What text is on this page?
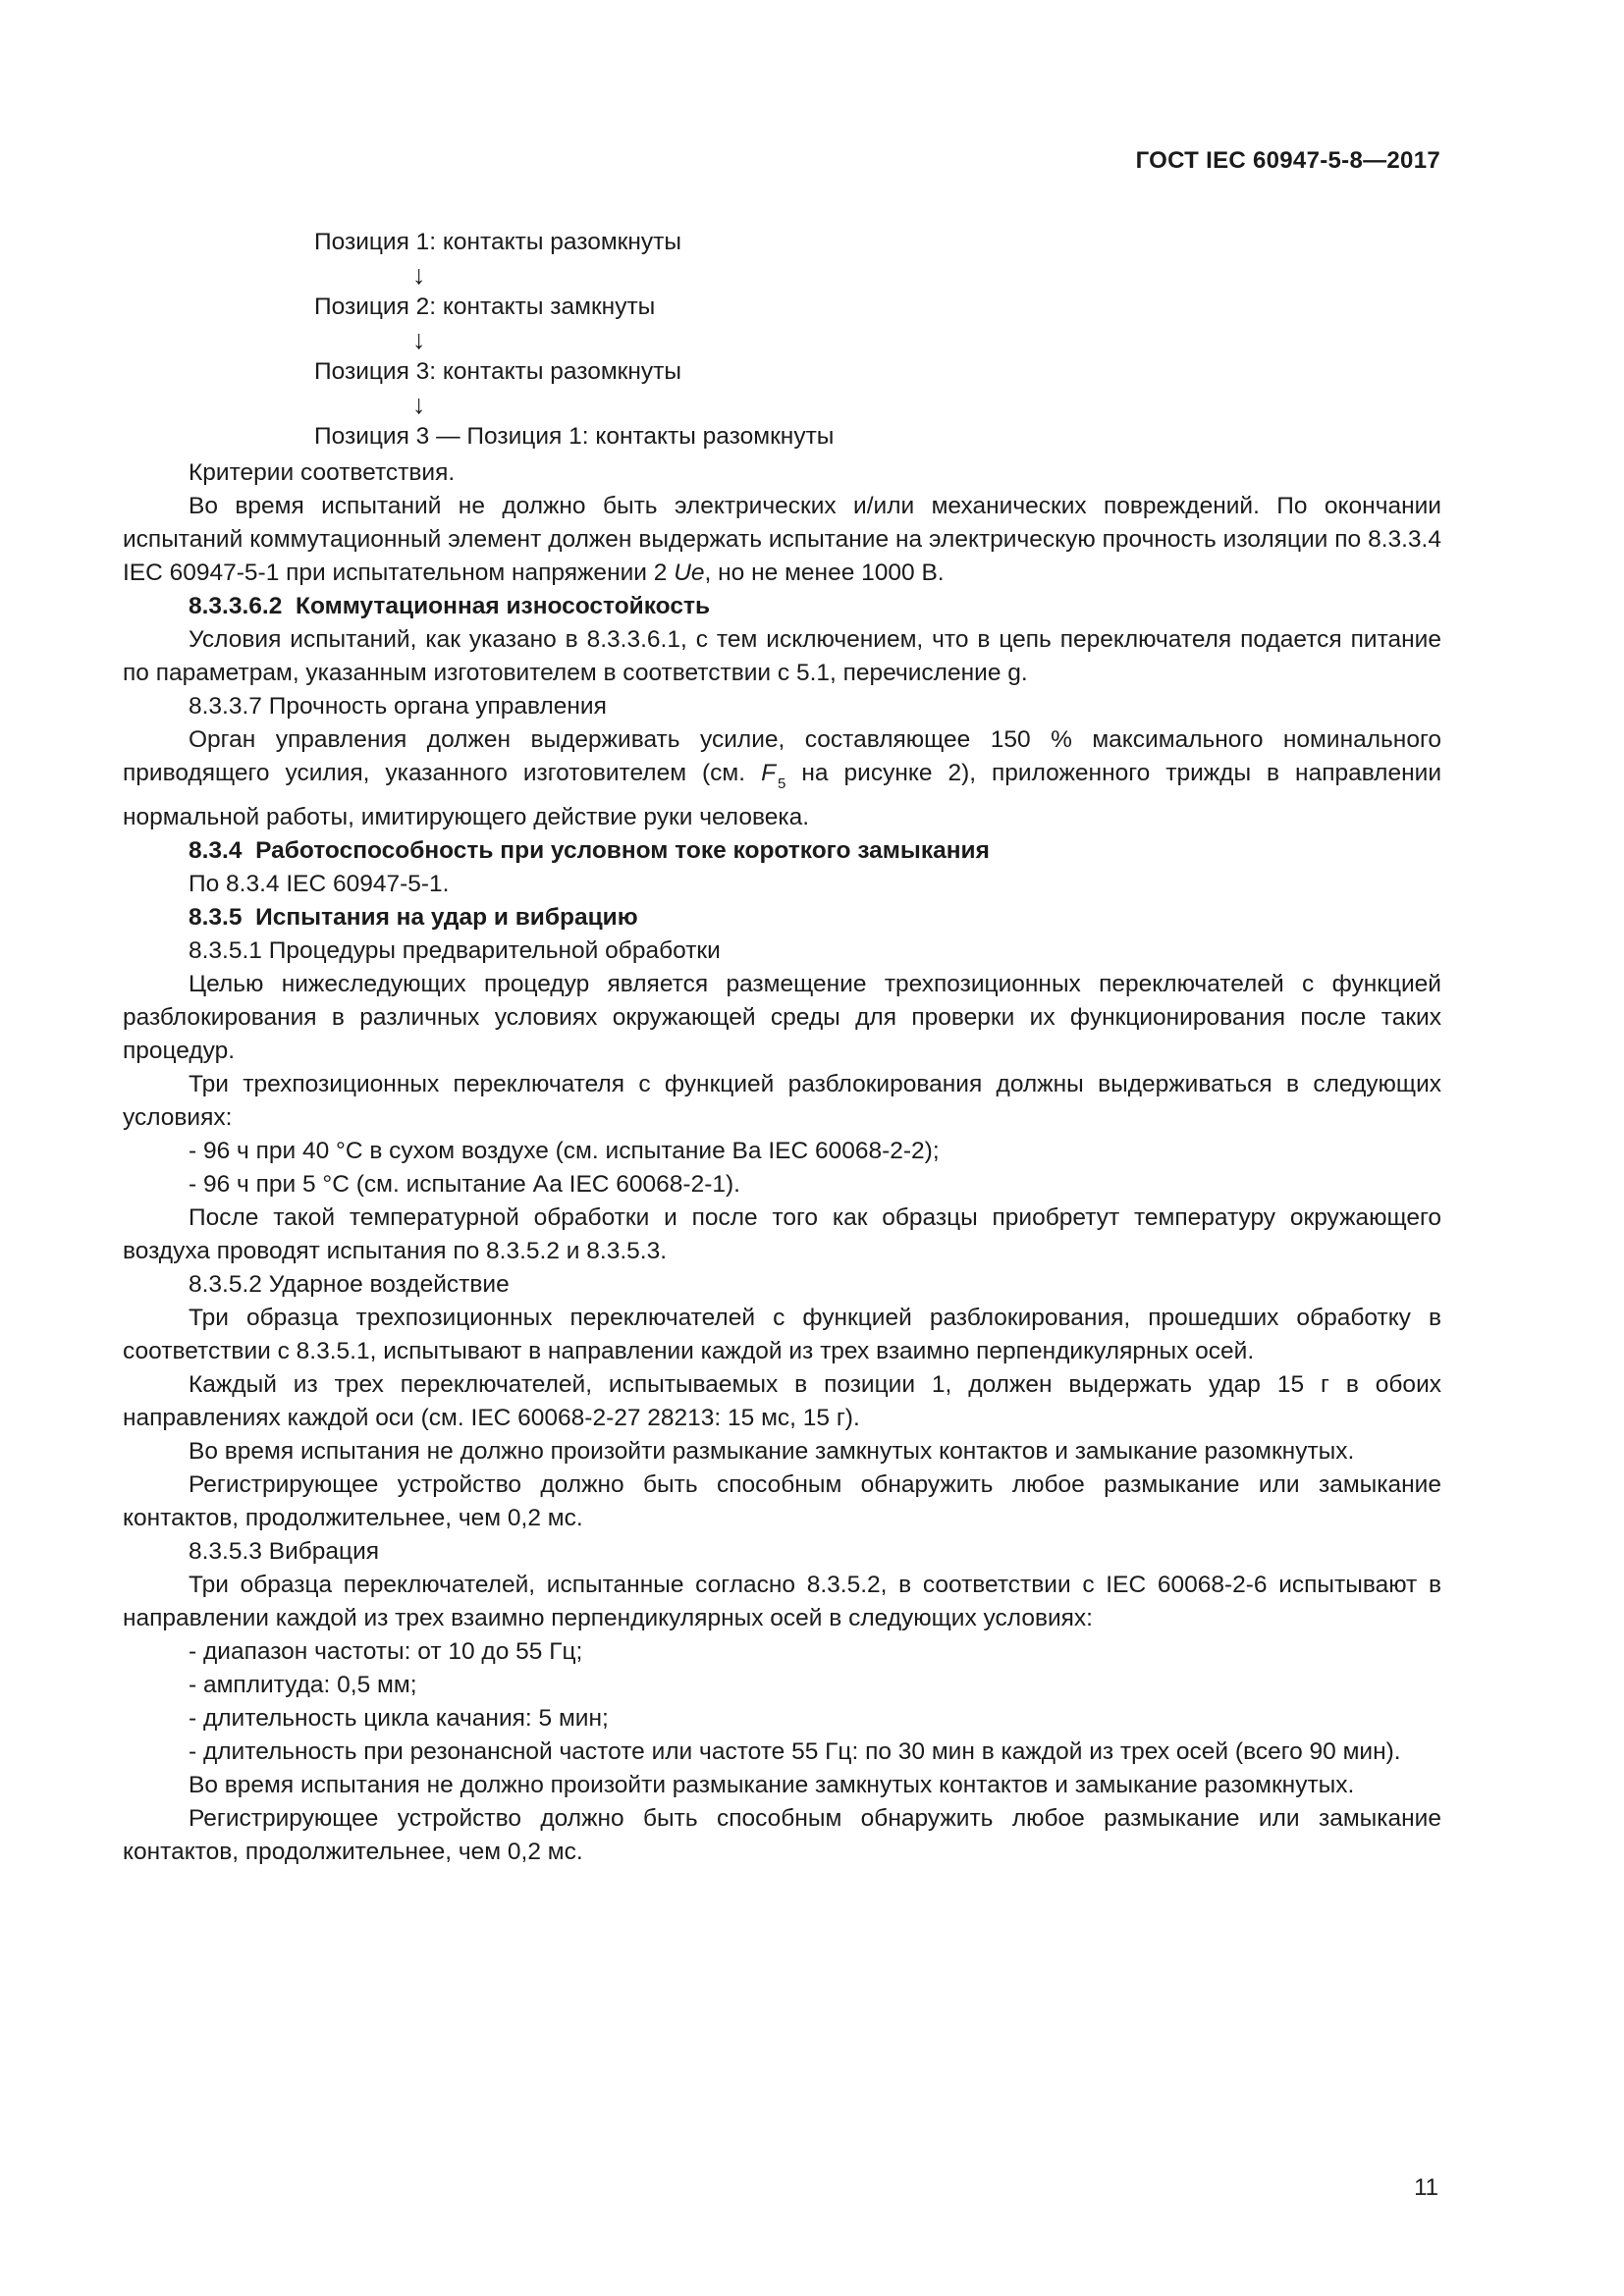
ГОСТ IEC 60947-5-8—2017
Позиция 1: контакты разомкнуты
↓
Позиция 2: контакты замкнуты
↓
Позиция 3: контакты разомкнуты
↓
Позиция 3 — Позиция 1: контакты разомкнуты

Критерии соответствия.

Во время испытаний не должно быть электрических и/или механических повреждений. По окончании испытаний коммутационный элемент должен выдержать испытание на электрическую прочность изоляции по 8.3.3.4 IEC 60947-5-1 при испытательном напряжении 2 Ue, но не менее 1000 В.

8.3.3.6.2 Коммутационная износостойкость

Условия испытаний, как указано в 8.3.3.6.1, с тем исключением, что в цепь переключателя подается питание по параметрам, указанным изготовителем в соответствии с 5.1, перечисление g.

8.3.3.7 Прочность органа управления

Орган управления должен выдерживать усилие, составляющее 150 % максимального номинального приводящего усилия, указанного изготовителем (см. F $_5$ на рисунке 2), приложенного трижды в направлении нормальной работы, имитирующего действие руки человека.

8.3.4 Работоспособность при условном токе короткого замыкания

По 8.3.4 IEC 60947-5-1.

8.3.5 Испытания на удар и вибрацию

8.3.5.1 Процедуры предварительной обработки

Целью нижеследующих процедур является размещение трехпозиционных переключателей с функцией разблокирования в различных условиях окружающей среды для проверки их функционирования после таких процедур.

Три трехпозиционных переключателя с функцией разблокирования должны выдерживаться в следующих условиях:

- 96 ч при 40 °С в сухом воздухе (см. испытание Ва IEC 60068-2-2);

- 96 ч при 5 °С (см. испытание Аа IEC 60068-2-1).

После такой температурной обработки и после того как образцы приобретут температуру окружающего воздуха проводят испытания по 8.3.5.2 и 8.3.5.3.

8.3.5.2 Ударное воздействие

Три образца трехпозиционных переключателей с функцией разблокирования, прошедших обработку в соответствии с 8.3.5.1, испытывают в направлении каждой из трех взаимно перпендикулярных осей.

Каждый из трех переключателей, испытываемых в позиции 1, должен выдержать удар 15 г в обоих направлениях каждой оси (см. IEC 60068-2-27 28213: 15 мс, 15 г).

Во время испытания не должно произойти размыкание замкнутых контактов и замыкание разомкнутых.

Регистрирующее устройство должно быть способным обнаружить любое размыкание или замыкание контактов, продолжительнее, чем 0,2 мс.

8.3.5.3 Вибрация

Три образца переключателей, испытанные согласно 8.3.5.2, в соответствии с IEC 60068-2-6 испытывают в направлении каждой из трех взаимно перпендикулярных осей в следующих условиях:

- диапазон частоты: от 10 до 55 Гц;

- амплитуда: 0,5 мм;

- длительность цикла качания: 5 мин;

- длительность при резонансной частоте или частоте 55 Гц: по 30 мин в каждой из трех осей (всего 90 мин).

Во время испытания не должно произойти размыкание замкнутых контактов и замыкание разомкнутых.

Регистрирующее устройство должно быть способным обнаружить любое размыкание или замыкание контактов, продолжительнее, чем 0,2 мс.

11
